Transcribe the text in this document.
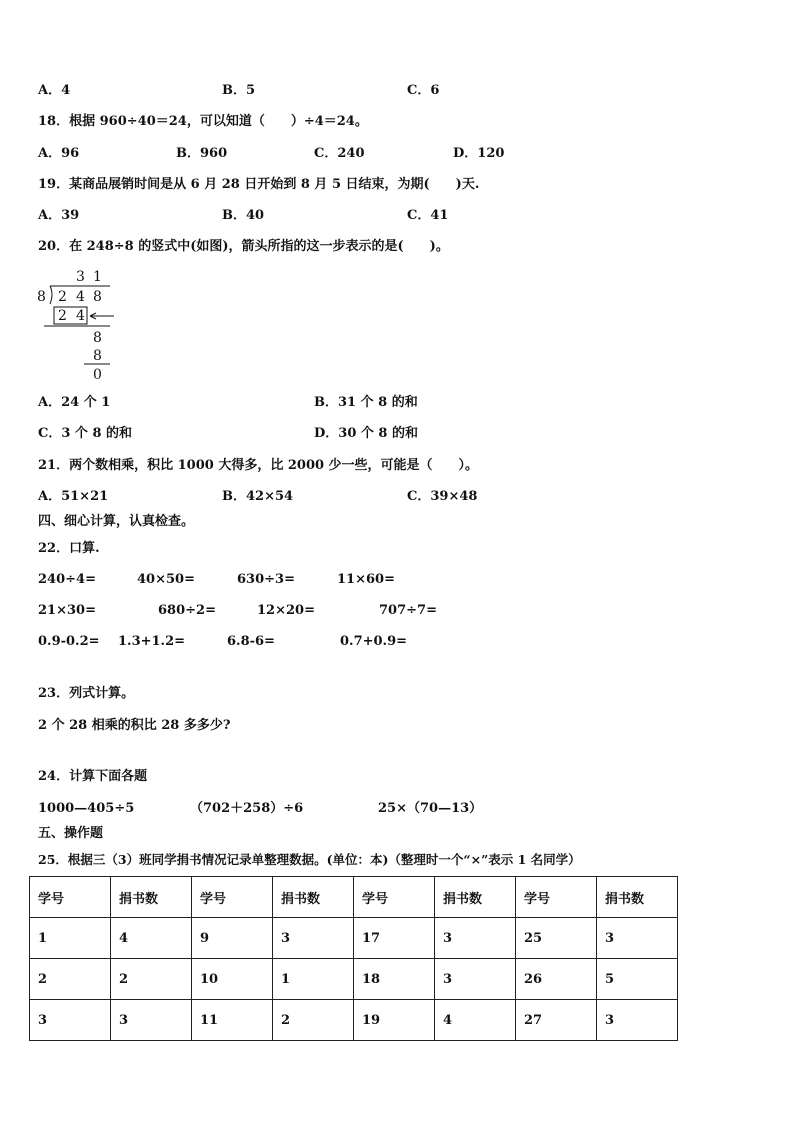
A．4	B．5	C．6
18．根据 960÷40＝24，可以知道（　　）÷4＝24。
A．96	B．960	C．240	D．120
19．某商品展销时间是从 6 月 28 日开始到 8 月 5 日结束，为期(　　)天.
A．39	B．40	C．41
20．在 248÷8 的竖式中(如图)，箭头所指的这一步表示的是(　　)。
3 1
8 2 4 8
2 4
8
8
0
A．24 个 1	B．31 个 8 的和
C．3 个 8 的和	D．30 个 8 的和
21．两个数相乘，积比 1000 大得多，比 2000 少一些，可能是（　　）。
A．51×21	B．42×54	C．39×48
四、细心计算，认真检查。
22．口算.
240÷4=	40×50=	630÷3=	11×60=
21×30=	680÷2=	12×20=	707÷7=
0.9-0.2= 1.3+1.2=	6.8-6=	0.7+0.9=
23．列式计算。
2 个 28 相乘的积比 28 多多少?
24．计算下面各题
1000—405÷5	（702＋258）÷6	25×（70—13）
五、操作题
25．根据三（3）班同学捐书情况记录单整理数据。(单位：本)（整理时一个“×”表示 1 名同学）
学号	捐书数	学号	捐书数	学号	捐书数	学号	捐书数
1	4	9	3	17	3	25	3
2	2	10	1	18	3	26	5
3	3	11	2	19	4	27	3
